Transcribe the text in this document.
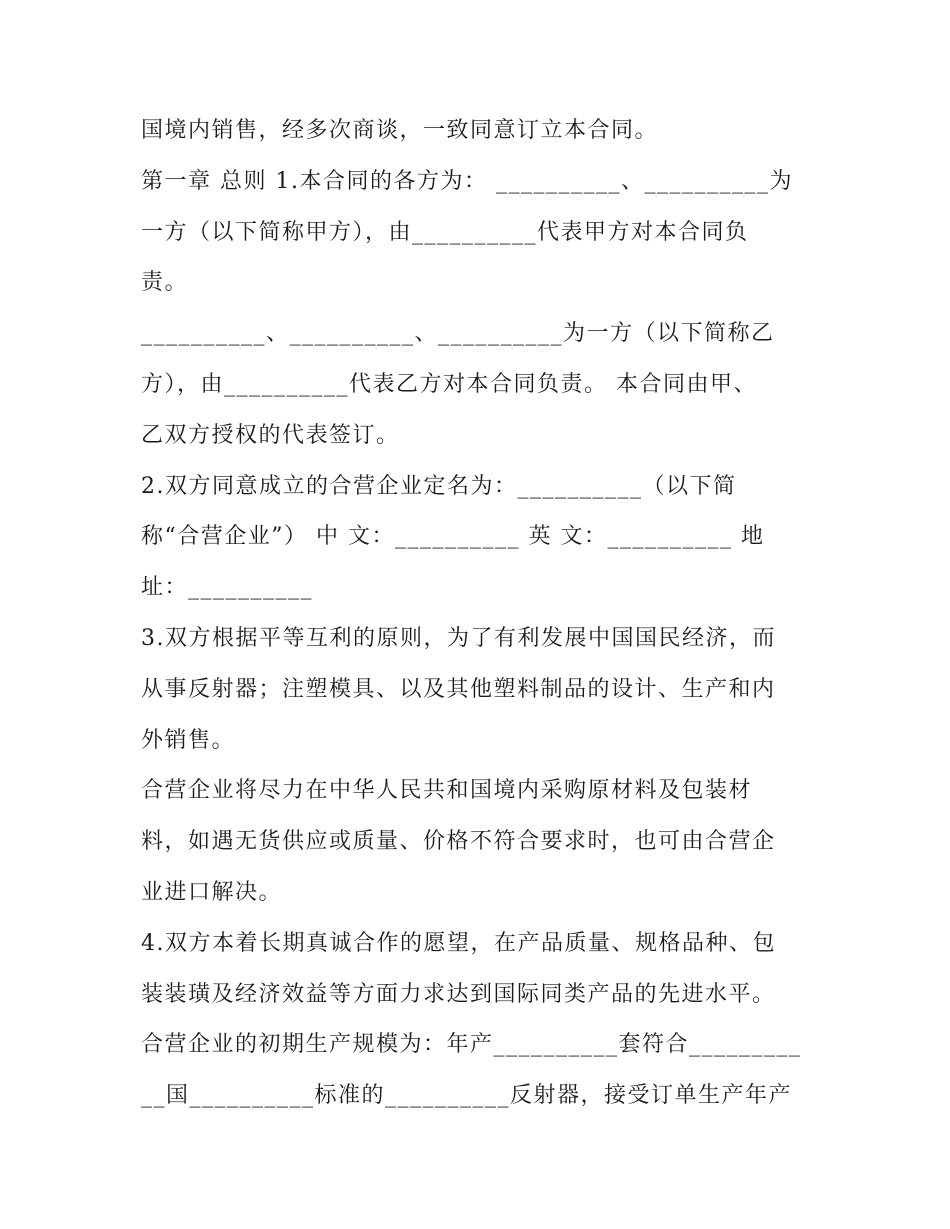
国境内销售，经多次商谈，一致同意订立本合同。
第一章 总则 1.本合同的各方为： __________、__________为
一方（以下简称甲方），由__________代表甲方对本合同负
责。
__________、__________、__________为一方（以下简称乙
方），由__________代表乙方对本合同负责。 本合同由甲、
乙双方授权的代表签订。
2.双方同意成立的合营企业定名为：__________（以下简
称“合营企业”） 中 文：__________ 英 文：__________ 地
址：__________
3.双方根据平等互利的原则，为了有利发展中国国民经济，而
从事反射器；注塑模具、以及其他塑料制品的设计、生产和内
外销售。
合营企业将尽力在中华人民共和国境内采购原材料及包装材
料，如遇无货供应或质量、价格不符合要求时，也可由合营企
业进口解决。
4.双方本着长期真诚合作的愿望，在产品质量、规格品种、包
装装璜及经济效益等方面力求达到国际同类产品的先进水平。
合营企业的初期生产规模为：年产__________套符合_________
__国__________标准的__________反射器，接受订单生产年产
